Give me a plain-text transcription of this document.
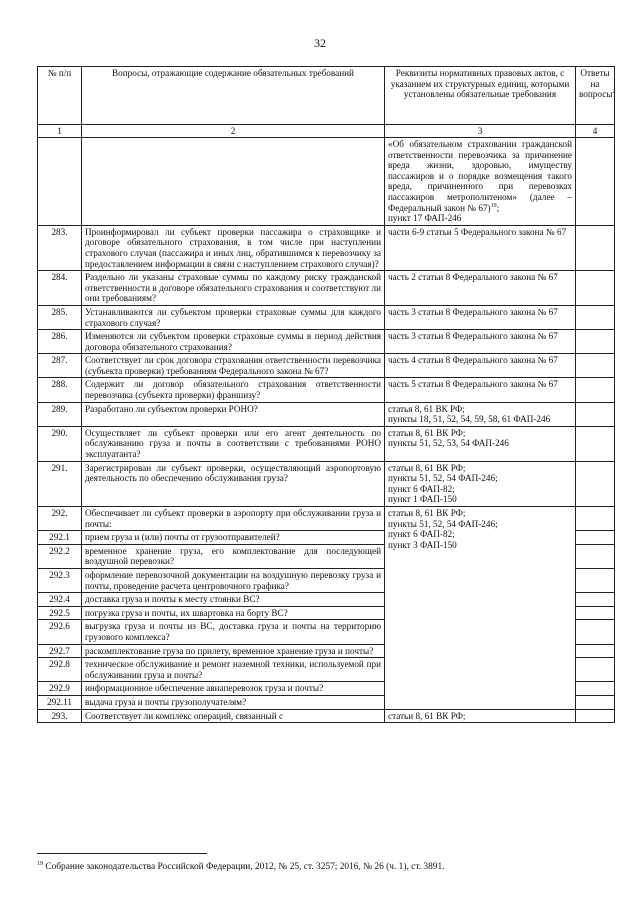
32
№ п/п	Вопросы, отражающие содержание обязательных требований	Реквизиты нормативных правовых актов, с указанием их структурных единиц, которыми установлены обязательные требования	Ответы на вопросы$^2$
1	2	3	4

		«Об обязательном страховании гражданской ответственности перевозчика за причинение вреда жизни, здоровью, имуществу пассажиров и о порядке возмещения такого вреда, причиненного при перевозках пассажиров метрополитеном» (далее – Федеральный закон № 67)$^{19}$;
пункт 17 ФАП-246	
283.	Проинформировал ли субъект проверки пассажира о страховщике и договоре обязательного страхования, в том числе при наступлении страхового случая (пассажира и иных лиц, обратившимся к перевозчику за предоставлением информации в связи с наступлением страхового случая)?	части 6-9 статьи 5 Федерального закона № 67	
284.	Раздельно ли указаны страховые суммы по каждому риску гражданской ответственности в договоре обязательного страхования и соответствуют ли они требованиям?	часть 2 статьи 8 Федерального закона № 67	
285.	Устанавливаются ли субъектом проверки страховые суммы для каждого страхового случая?	часть 3 статьи 8 Федерального закона № 67	
286.	Изменяются ли субъектом проверки страховые суммы в период действия договора обязательного страхования?	часть 3 статьи 8 Федерального закона № 67	
287.	Соответствует ли срок договора страхования ответственности перевозчика (субъекта проверки) требованиям Федерального закона № 67?	часть 4 статьи 8 Федерального закона № 67	
288.	Содержит ли договор обязательного страхования ответственности перевозчика (субъекта проверки) франшизу?	часть 5 статьи 8 Федерального закона № 67	
289.	Разработано ли субъектом проверки РОНО?	статья 8, 61 ВК РФ;
пункты 18, 51, 52, 54, 59, 58, 61 ФАП-246	
290.	Осуществляет ли субъект проверки или его агент деятельность по обслуживанию груза и почты в соответствии с требованиями РОНО эксплуатанта?	статьи 8, 61 ВК РФ;
пункты 51, 52, 53, 54 ФАП-246	
291.	Зарегистрирован ли субъект проверки, осуществляющий аэропортовую деятельность по обеспечению обслуживания груза?	статьи 8, 61 ВК РФ;
пункты 51, 52, 54 ФАП-246;
пункт 6 ФАП-82;
пункт 1 ФАП-150	
292.	Обеспечивает ли субъект проверки в аэропорту при обслуживании груза и почты:	статьи 8, 61 ВК РФ;
пункты 51, 52, 54 ФАП-246;
пункт 6 ФАП-82;
пункт 3 ФАП-150	
292.1	прием груза и (или) почты от грузоотправителей?		
292.2	временное хранение груза, его комплектование для последующей воздушной перевозки?		
292.3	оформление перевозочной документации на воздушную перевозку груза и почты, проведение расчета центровочного графика?		
292.4	доставка груза и почты к месту стоянки ВС?		
292.5	погрузка груза и почты, их швартовка на борту ВС?		
292.6	выгрузка груза и почты из ВС, доставка груза и почты на территорию грузового комплекса?		
292.7	раскомплектование груза по прилету, временное хранение груза и почты?		
292.8	техническое обслуживание и ремонт наземной техники, используемой при обслуживании груза и почты?		
292.9	информационное обеспечение авиаперевозок груза и почты?		
292.11	выдача груза и почты грузополучателям?		
293.	Соответствует ли комплекс операций, связанный с	статьи 8, 61 ВК РФ;	
$^{19}$ Собрание законодательства Российской Федерации, 2012, № 25, ст. 3257; 2016, № 26 (ч. 1), ст. 3891.
